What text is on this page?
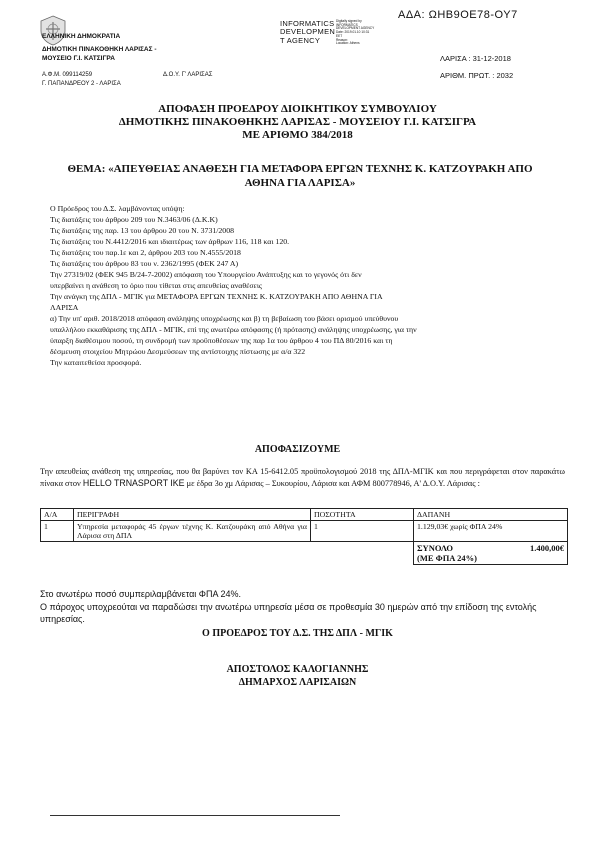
ΑΔΑ: ΩΗΒ9ΟΕ78-ΟΥ7
ΕΛΛΗΝΙΚΗ ΔΗΜΟΚΡΑΤΙΑ
ΔΗΜΟΤΙΚΗ ΠΙΝΑΚΟΘΗΚΗ ΛΑΡΙΣΑΣ -
ΜΟΥΣΕΙΟ Γ.Ι. ΚΑΤΣΙΓΡΑ
Α.Φ.Μ. 099114259	Δ.Ο.Υ. Γ' ΛΑΡΙΣΑΣ
Γ. ΠΑΠΑΝΔΡΕΟΥ 2 - ΛΑΡΙΣΑ
INFORMATICS
DEVELOPMEN
T AGENCY
Digitally signed by
INFORMATICS
DEVELOPMENT AGENCY
Date: 2019.01.10 10:31
EET
Reason:
Location: Athens
ΛΑΡΙΣΑ : 31-12-2018
ΑΡΙΘΜ. ΠΡΩΤ. : 2032
ΑΠΟΦΑΣΗ ΠΡΟΕΔΡΟΥ ΔΙΟΙΚΗΤΙΚΟΥ ΣΥΜΒΟΥΛΙΟΥ
ΔΗΜΟΤΙΚΗΣ ΠΙΝΑΚΟΘΗΚΗΣ ΛΑΡΙΣΑΣ - ΜΟΥΣΕΙΟΥ Γ.Ι. ΚΑΤΣΙΓΡΑ
ΜΕ ΑΡΙΘΜΟ 384/2018
ΘΕΜΑ: «ΑΠΕΥΘΕΙΑΣ ΑΝΑΘΕΣΗ ΓΙΑ ΜΕΤΑΦΟΡΑ ΕΡΓΩΝ ΤΕΧΝΗΣ Κ. ΚΑΤΖΟΥΡΑΚΗ ΑΠΟ
ΑΘΗΝΑ ΓΙΑ ΛΑΡΙΣΑ»

Ο Πρόεδρος του Δ.Σ. λαμβάνοντας υπόψη:

Τις διατάξεις του άρθρου 209 του Ν.3463/06 (Δ.Κ.Κ)

Τις διατάξεις της παρ. 13 του άρθρου 20 του Ν. 3731/2008

Τις διατάξεις του Ν.4412/2016 και ιδιαιτέρως των άρθρων 116, 118 και 120.

Τις διατάξεις του παρ.1ε και 2, άρθρου 203 του Ν.4555/2018

Τις διατάξεις του άρθρου 83 του ν. 2362/1995 (ΦΕΚ 247 Α)

Την 27319/02 (ΦΕΚ 945 Β/24-7-2002) απόφαση του Υπουργείου Ανάπτυξης και το γεγονός ότι δεν

υπερβαίνει η ανάθεση το όριο που τίθεται στις απευθείας αναθέσεις

Την ανάγκη της ΔΠΛ - ΜΓΙΚ για ΜΕΤΑΦΟΡΑ ΕΡΓΩΝ ΤΕΧΝΗΣ Κ. ΚΑΤΖΟΥΡΑΚΗ ΑΠΟ ΑΘΗΝΑ ΓΙΑ

ΛΑΡΙΣΑ

α) Την υπ' αριθ. 2018/2018 απόφαση ανάληψης υποχρέωσης και β) τη βεβαίωση του βάσει ορισμού υπεύθυνου

υπαλλήλου εκκαθάρισης της ΔΠΛ - ΜΓΙΚ, επί της ανωτέρω απόφασης (ή πρότασης) ανάληψης υποχρέωσης, για την

ύπαρξη διαθέσιμου ποσού, τη συνδρομή των προϋποθέσεων της παρ 1α του άρθρου 4 του ΠΔ 80/2016 και τη

δέσμευση στοιχείου Μητρώου Δεσμεύσεων της αντίστοιχης πίστωσης με α/α 322

Την καταιτεθείσα προσφορά.

ΑΠΟΦΑΣΙΖΟΥΜΕ
Την απευθείας ανάθεση της υπηρεσίας, που θα βαρύνει τον ΚΑ 15-6412.05 προϋπολογισμού 2018 της ΔΠΛ-ΜΓΙΚ και που περιγράφεται στον παρακάτω πίνακα στον HELLO TRNASPORT IKE με έδρα 3ο χμ Λάρισας – Συκουρίου, Λάρισα και ΑΦΜ 800778946, Α' Δ.Ο.Υ. Λάρισας :
Α/Α	ΠΕΡΙΓΡΑΦΗ	ΠΟΣΟΤΗΤΑ	ΔΑΠΑΝΗ
1	Υπηρεσία μεταφοράς 45 έργων τέχνης Κ. Κατζουράκη από Αθήνα για Λάρισα στη ΔΠΛ	1	1.129,03€ χωρίς ΦΠΑ 24%

			ΣΥΝΟΛΟ 1.400,00€
(ΜΕ ΦΠΑ 24%)
Στο ανωτέρω ποσό συμπεριλαμβάνεται ΦΠΑ 24%.
Ο πάροχος υποχρεούται να παραδώσει την ανωτέρω υπηρεσία μέσα σε προθεσμία 30 ημερών από την επίδοση της εντολής υπηρεσίας.
Ο ΠΡΟΕΔΡΟΣ ΤΟΥ Δ.Σ. ΤΗΣ ΔΠΛ - ΜΓΙΚ
ΑΠΟΣΤΟΛΟΣ ΚΑΛΟΓΙΑΝΝΗΣ
ΔΗΜΑΡΧΟΣ ΛΑΡΙΣΑΙΩΝ
